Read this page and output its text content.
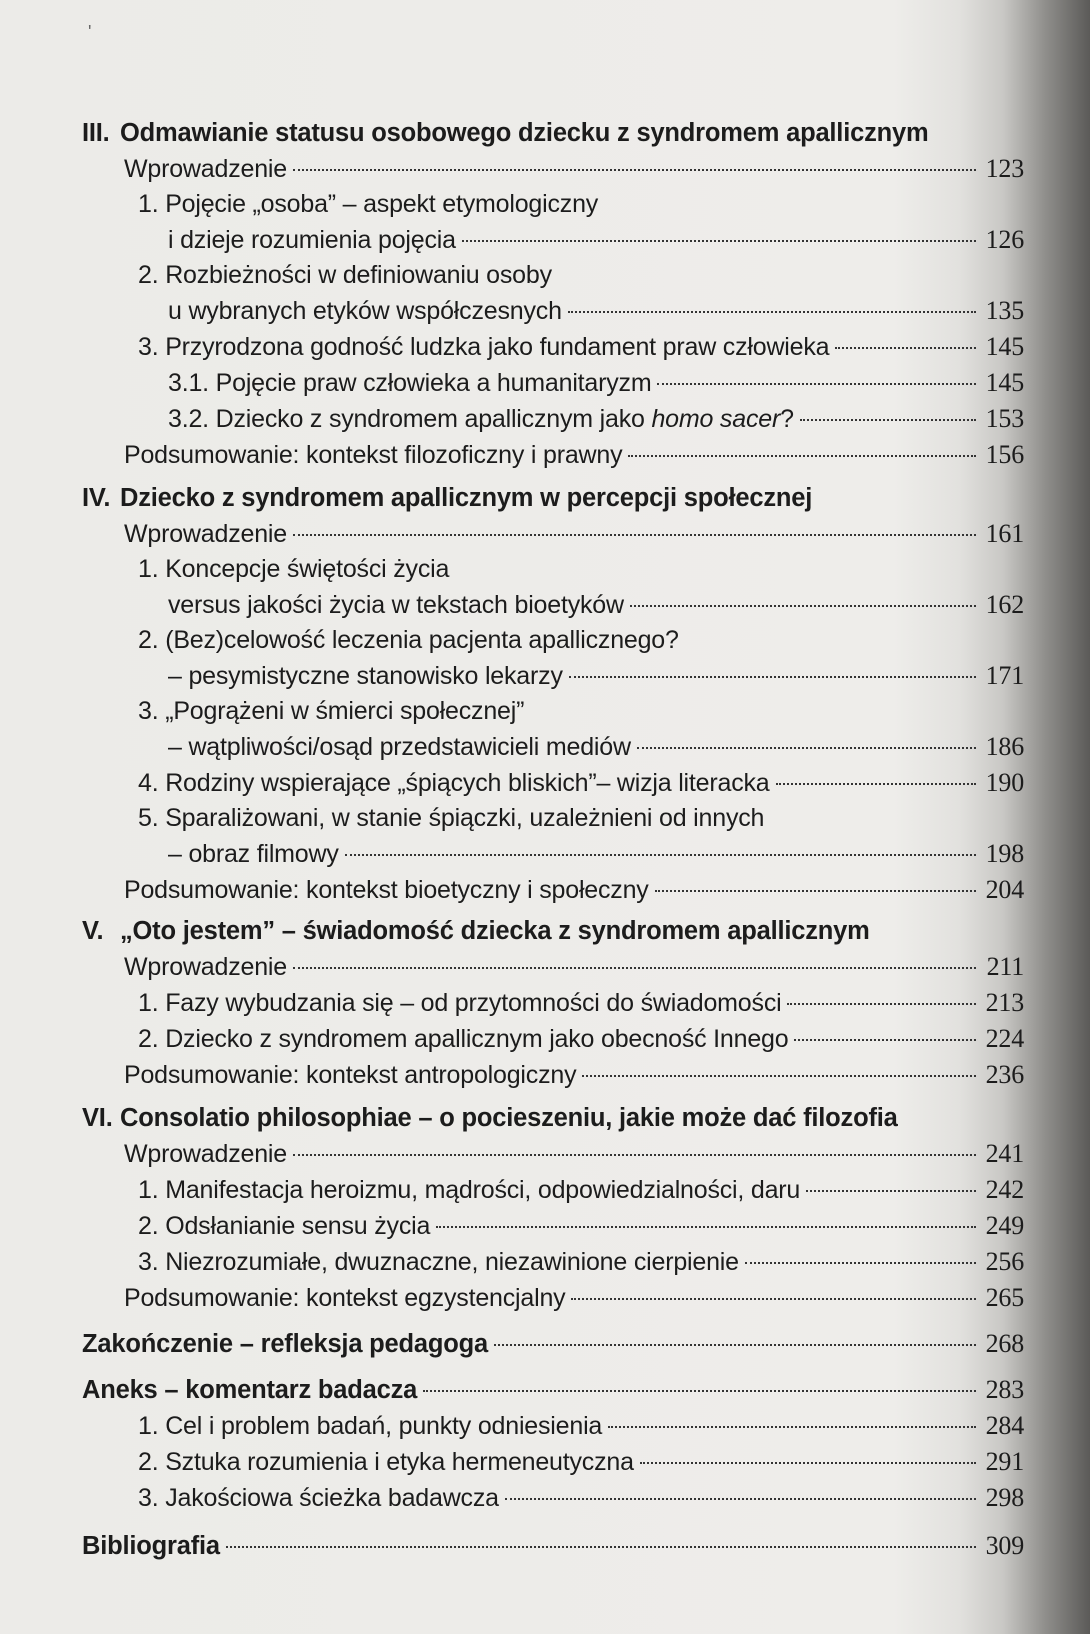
'
III. Odmawianie statusu osobowego dziecku z syndromem apallicznym
Wprowadzenie	123
1. Pojęcie „osoba” – aspekt etymologiczny
i dzieje rozumienia pojęcia	126
2. Rozbieżności w definiowaniu osoby
u wybranych etyków współczesnych	135
3. Przyrodzona godność ludzka jako fundament praw człowieka	145
3.1. Pojęcie praw człowieka a humanitaryzm	145
3.2. Dziecko z syndromem apallicznym jako homo sacer?	153
Podsumowanie: kontekst filozoficzny i prawny	156
IV. Dziecko z syndromem apallicznym w percepcji społecznej
Wprowadzenie	161
1. Koncepcje świętości życia
versus jakości życia w tekstach bioetyków	162
2. (Bez)celowość leczenia pacjenta apallicznego?
– pesymistyczne stanowisko lekarzy	171
3. „Pogrążeni w śmierci społecznej”
– wątpliwości/osąd przedstawicieli mediów	186
4. Rodziny wspierające „śpiących bliskich”– wizja literacka	190
5. Sparaliżowani, w stanie śpiączki, uzależnieni od innych
– obraz filmowy	198
Podsumowanie: kontekst bioetyczny i społeczny	204
V. „Oto jestem” – świadomość dziecka z syndromem apallicznym
Wprowadzenie	211
1. Fazy wybudzania się – od przytomności do świadomości	213
2. Dziecko z syndromem apallicznym jako obecność Innego	224
Podsumowanie: kontekst antropologiczny	236
VI. Consolatio philosophiae – o pocieszeniu, jakie może dać filozofia
Wprowadzenie	241
1. Manifestacja heroizmu, mądrości, odpowiedzialności, daru	242
2. Odsłanianie sensu życia	249
3. Niezrozumiałe, dwuznaczne, niezawinione cierpienie	256
Podsumowanie: kontekst egzystencjalny	265
Zakończenie – refleksja pedagoga	268
Aneks – komentarz badacza	283
1. Cel i problem badań, punkty odniesienia	284
2. Sztuka rozumienia i etyka hermeneutyczna	291
3. Jakościowa ścieżka badawcza	298
Bibliografia	309
